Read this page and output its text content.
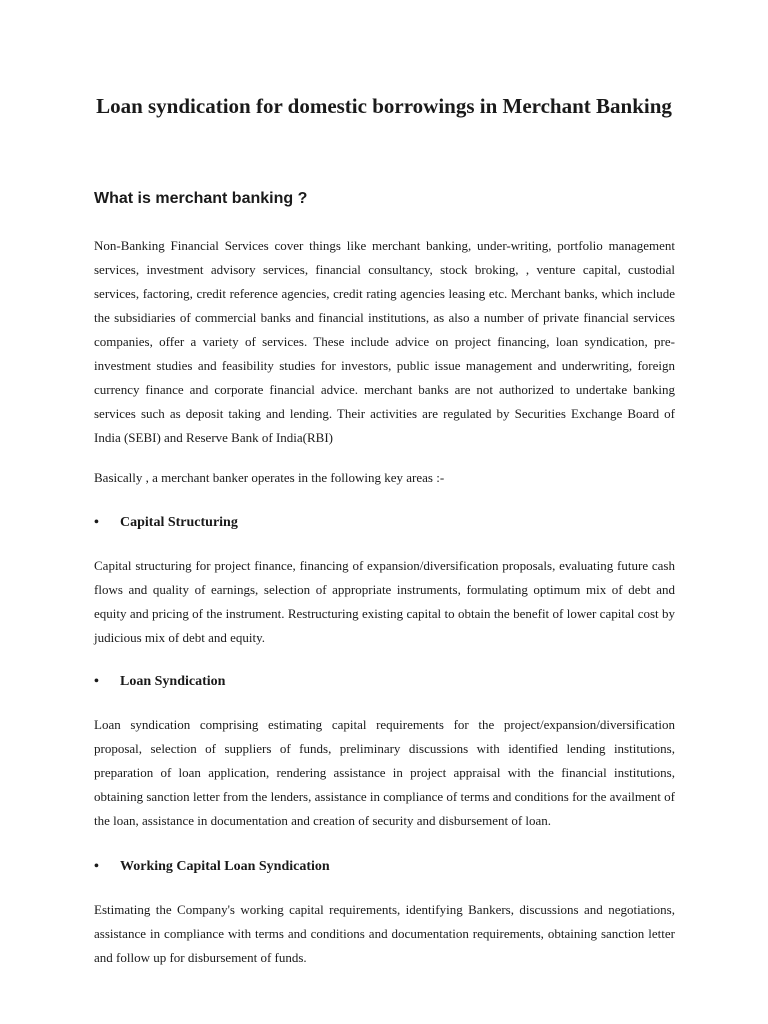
Loan syndication for domestic borrowings in Merchant Banking
What is merchant banking ?

Non-Banking Financial Services cover things like merchant banking, under-writing, portfolio management services, investment advisory services, financial consultancy, stock broking, , venture capital, custodial services, factoring, credit reference agencies, credit rating agencies leasing etc. Merchant banks, which include the subsidiaries of commercial banks and financial institutions, as also a number of private financial services companies, offer a variety of services. These include advice on project financing, loan syndication, pre-investment studies and feasibility studies for investors, public issue management and underwriting, foreign currency finance and corporate financial advice. merchant banks are not authorized to undertake banking services such as deposit taking and lending. Their activities are regulated by Securities Exchange Board of India (SEBI) and Reserve Bank of India(RBI)

Basically , a merchant banker operates in the following key areas :-

• Capital Structuring

Capital structuring for project finance, financing of expansion/diversification proposals, evaluating future cash flows and quality of earnings, selection of appropriate instruments, formulating optimum mix of debt and equity and pricing of the instrument. Restructuring existing capital to obtain the benefit of lower capital cost by judicious mix of debt and equity.

• Loan Syndication

Loan syndication comprising estimating capital requirements for the project/expansion/diversification proposal, selection of suppliers of funds, preliminary discussions with identified lending institutions, preparation of loan application, rendering assistance in project appraisal with the financial institutions, obtaining sanction letter from the lenders, assistance in compliance of terms and conditions for the availment of the loan, assistance in documentation and creation of security and disbursement of loan.

• Working Capital Loan Syndication

Estimating the Company's working capital requirements, identifying Bankers, discussions and negotiations, assistance in compliance with terms and conditions and documentation requirements, obtaining sanction letter and follow up for disbursement of funds.
